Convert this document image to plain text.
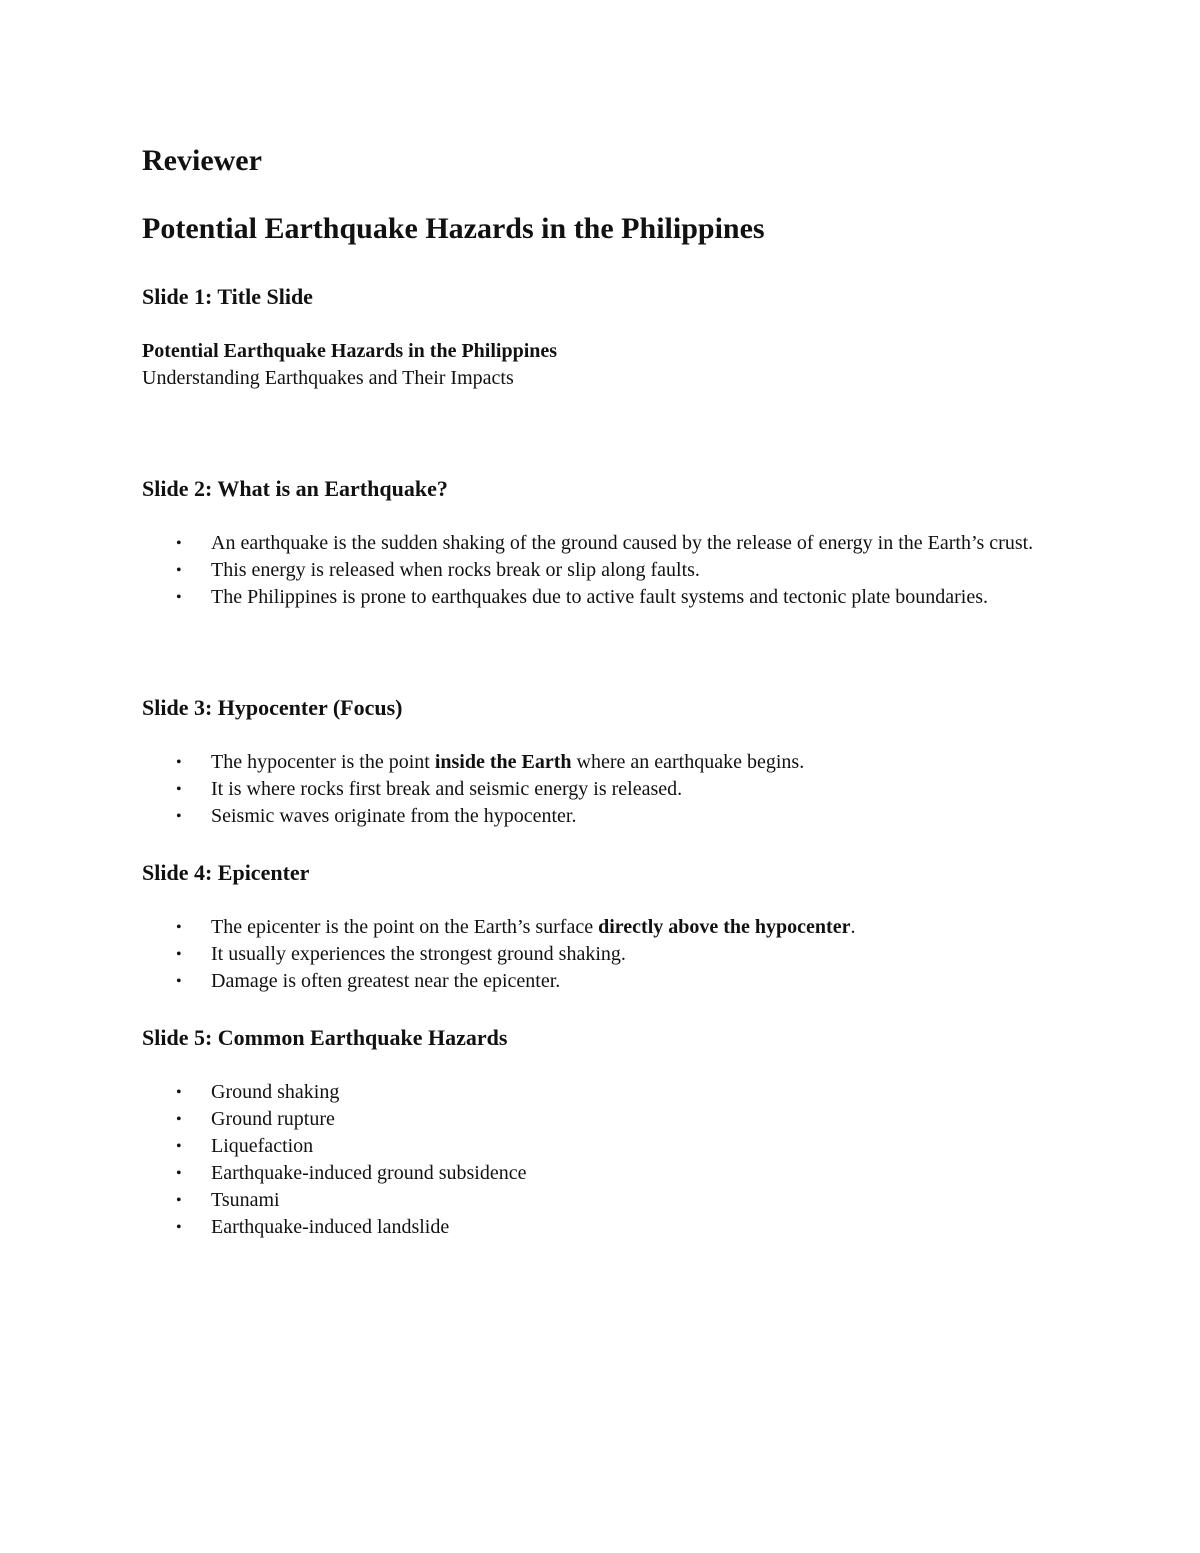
Reviewer
Potential Earthquake Hazards in the Philippines
Slide 1: Title Slide

Potential Earthquake Hazards in the Philippines

Understanding Earthquakes and Their Impacts

Slide 2: What is an Earthquake?
• An earthquake is the sudden shaking of the ground caused by the release of energy in the Earth’s crust.
• This energy is released when rocks break or slip along faults.
• The Philippines is prone to earthquakes due to active fault systems and tectonic plate boundaries.
Slide 3: Hypocenter (Focus)
• The hypocenter is the point inside the Earth where an earthquake begins.
• It is where rocks first break and seismic energy is released.
• Seismic waves originate from the hypocenter.
Slide 4: Epicenter
• The epicenter is the point on the Earth’s surface directly above the hypocenter.
• It usually experiences the strongest ground shaking.
• Damage is often greatest near the epicenter.
Slide 5: Common Earthquake Hazards
• Ground shaking
• Ground rupture
• Liquefaction
• Earthquake-induced ground subsidence
• Tsunami
• Earthquake-induced landslide
